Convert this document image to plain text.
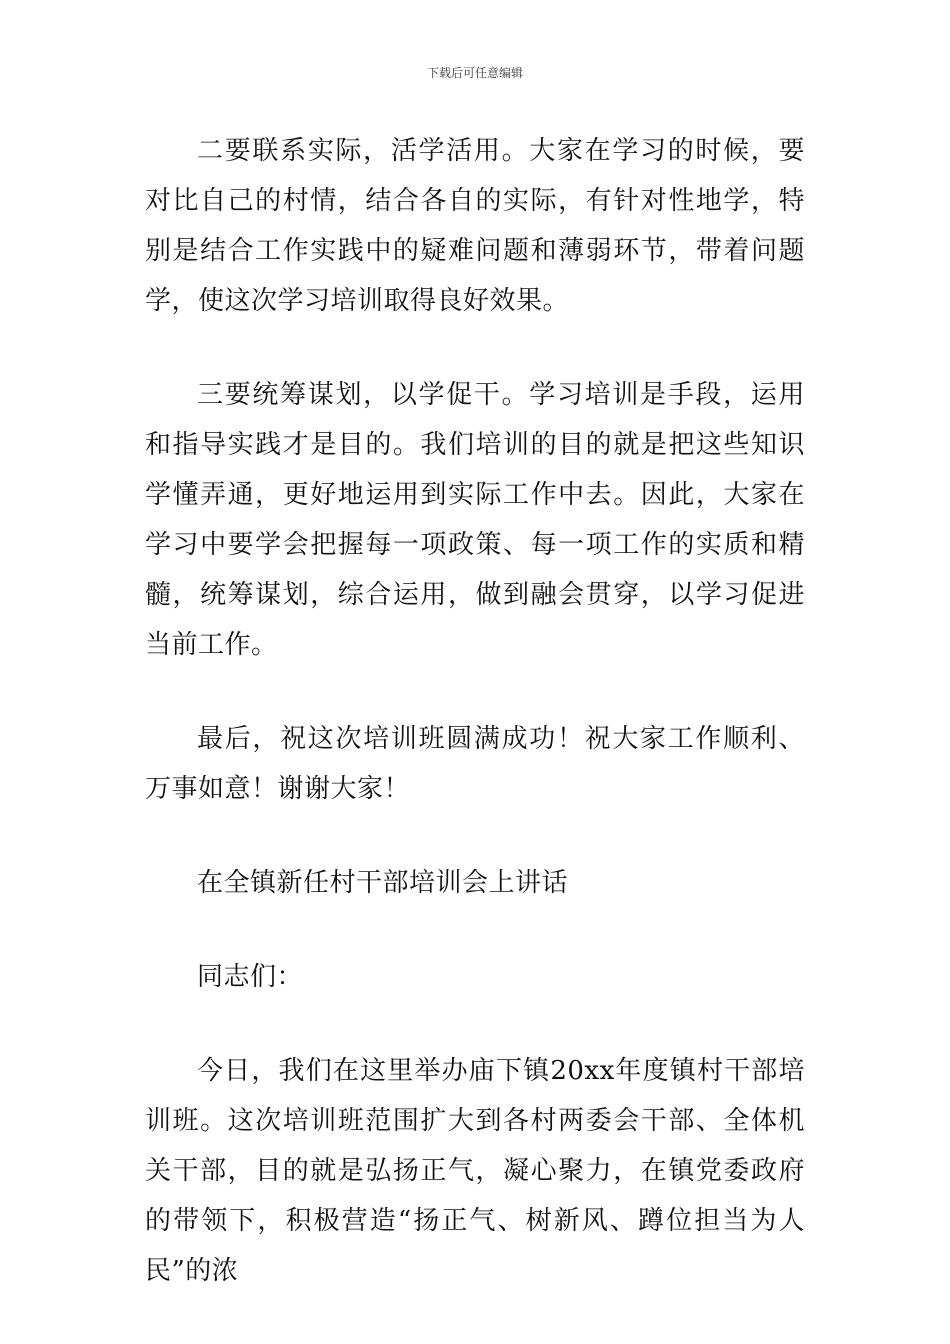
下载后可任意编辑

二要联系实际，活学活用。大家在学习的时候，要对比自己的村情，结合各自的实际，有针对性地学，特别是结合工作实践中的疑难问题和薄弱环节，带着问题学，使这次学习培训取得良好效果。

三要统筹谋划，以学促干。学习培训是手段，运用和指导实践才是目的。我们培训的目的就是把这些知识学懂弄通，更好地运用到实际工作中去。因此，大家在学习中要学会把握每一项政策、每一项工作的实质和精髓，统筹谋划，综合运用，做到融会贯穿，以学习促进当前工作。

最后，祝这次培训班圆满成功！祝大家工作顺利、万事如意！谢谢大家！

在全镇新任村干部培训会上讲话

同志们：

今日，我们在这里举办庙下镇20xx年度镇村干部培训班。这次培训班范围扩大到各村两委会干部、全体机关干部，目的就是弘扬正气，凝心聚力，在镇党委政府的带领下，积极营造“扬正气、树新风、蹲位担当为人民”的浓
